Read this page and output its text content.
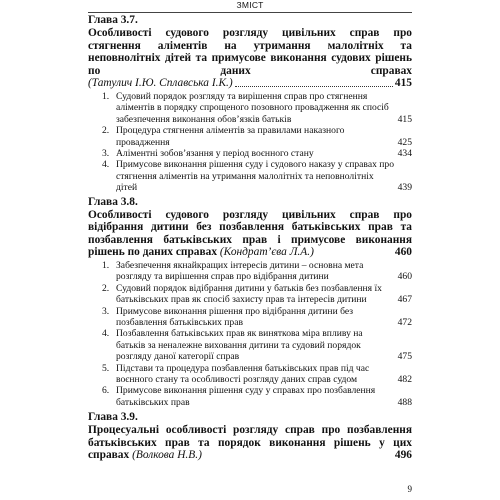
ЗМІСТ
Глава 3.7.
Особливості судового розгляду цивільних справ про стягнення аліментів на утримання малолітніх та неповнолітніх дітей та примусове виконання судових рішень по даних справах
(Татулич І.Ю. Сплавська І.К.)	415
1. Судовий порядок розгляду та вирішення справ про стягнення аліментів в порядку спрощеного позовного провадження як спосіб забезпечення виконання обов’язків батьків	415
2. Процедура стягнення аліментів за правилами наказного провадження	425
3. Аліментні зобов’язання у період воєнного стану	434
4. Примусове виконання рішення суду і судового наказу у справах про стягнення аліментів на утримання малолітніх та неповнолітніх дітей	439
Глава 3.8.
Особливості судового розгляду цивільних справ про відібрання дитини без позбавлення батьківських прав та позбавлення батьківських прав і примусове виконання рішень по даних справах (Кондрат’єва Л.А.)	460
1. Забезпечення якнайкращих інтересів дитини – основна мета розгляду та вирішення справ про відібрання дитини	460
2. Судовий порядок відібрання дитини у батьків без позбавлення їх батьківських прав як спосіб захисту прав та інтересів дитини	467
3. Примусове виконання рішення про відібрання дитини без позбавлення батьківських прав	472
4. Позбавлення батьківських прав як виняткова міра впливу на батьків за неналежне виховання дитини та судовий порядок розгляду даної категорії справ	475
5. Підстави та процедура позбавлення батьківських прав під час воєнного стану та особливості розгляду даних справ судом	482
6. Примусове виконання рішення суду у справах про позбавлення батьківських прав	488
Глава 3.9.
Процесуальні особливості розгляду справ про позбавлення батьківських прав та порядок виконання рішень у цих справах (Волкова Н.В.)	496
9
